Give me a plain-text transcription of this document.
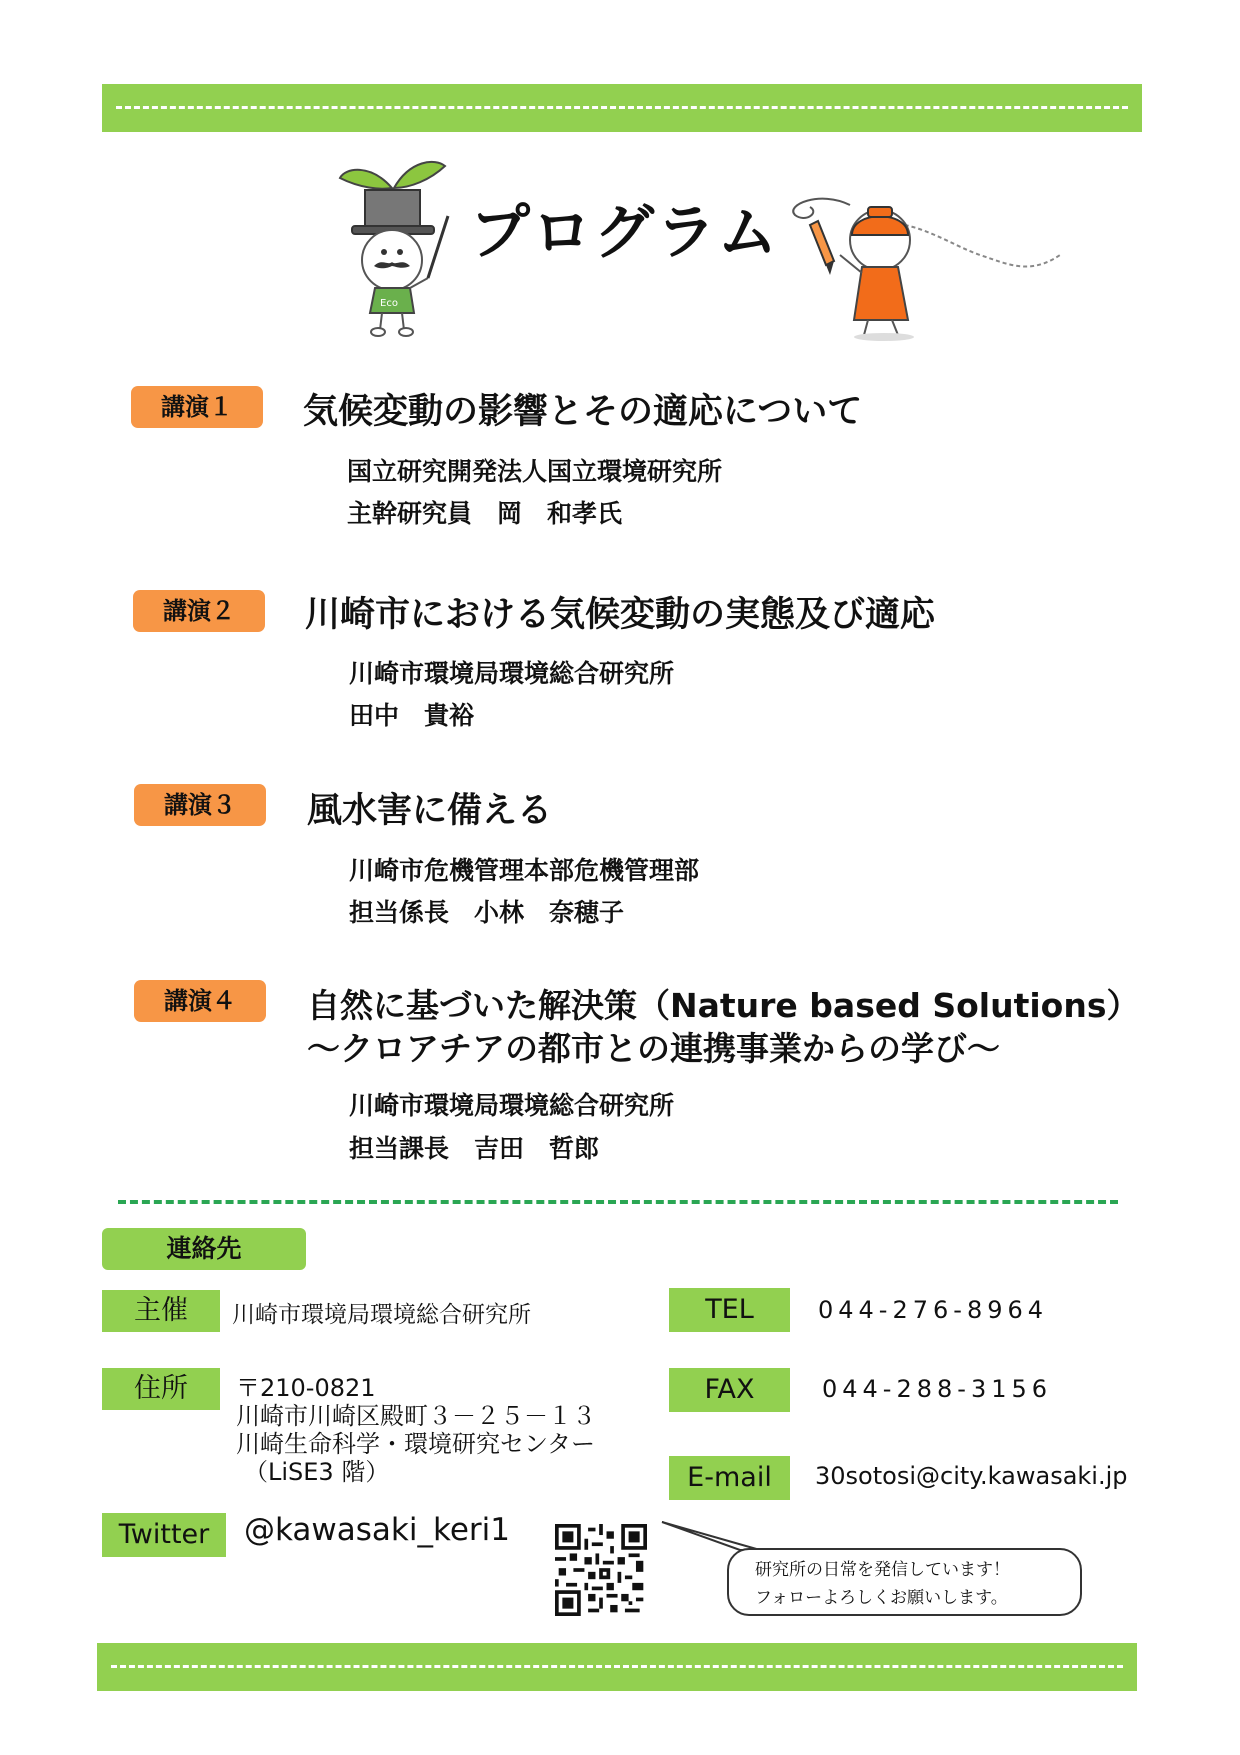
Eco
プログラム
講演１	気候変動の影響とその適応について
国立研究開発法人国立環境研究所
主幹研究員　岡　和孝氏
講演２	川崎市における気候変動の実態及び適応
川崎市環境局環境総合研究所
田中　貴裕
講演３	風水害に備える
川崎市危機管理本部危機管理部
担当係長　小林　奈穂子
講演４	自然に基づいた解決策（Nature based Solutions）
～クロアチアの都市との連携事業からの学び～
川崎市環境局環境総合研究所
担当課長　吉田　哲郎
連絡先
主催	川崎市環境局環境総合研究所
住所	〒210-0821
川崎市川崎区殿町３－２５－１３
川崎生命科学・環境研究センター
（LiSE3 階）
TEL	044-276-8964
FAX	044-288-3156
E-mail	30sotosi@city.kawasaki.jp
Twitter	@kawasaki_keri1
研究所の日常を発信しています！
フォローよろしくお願いします。
